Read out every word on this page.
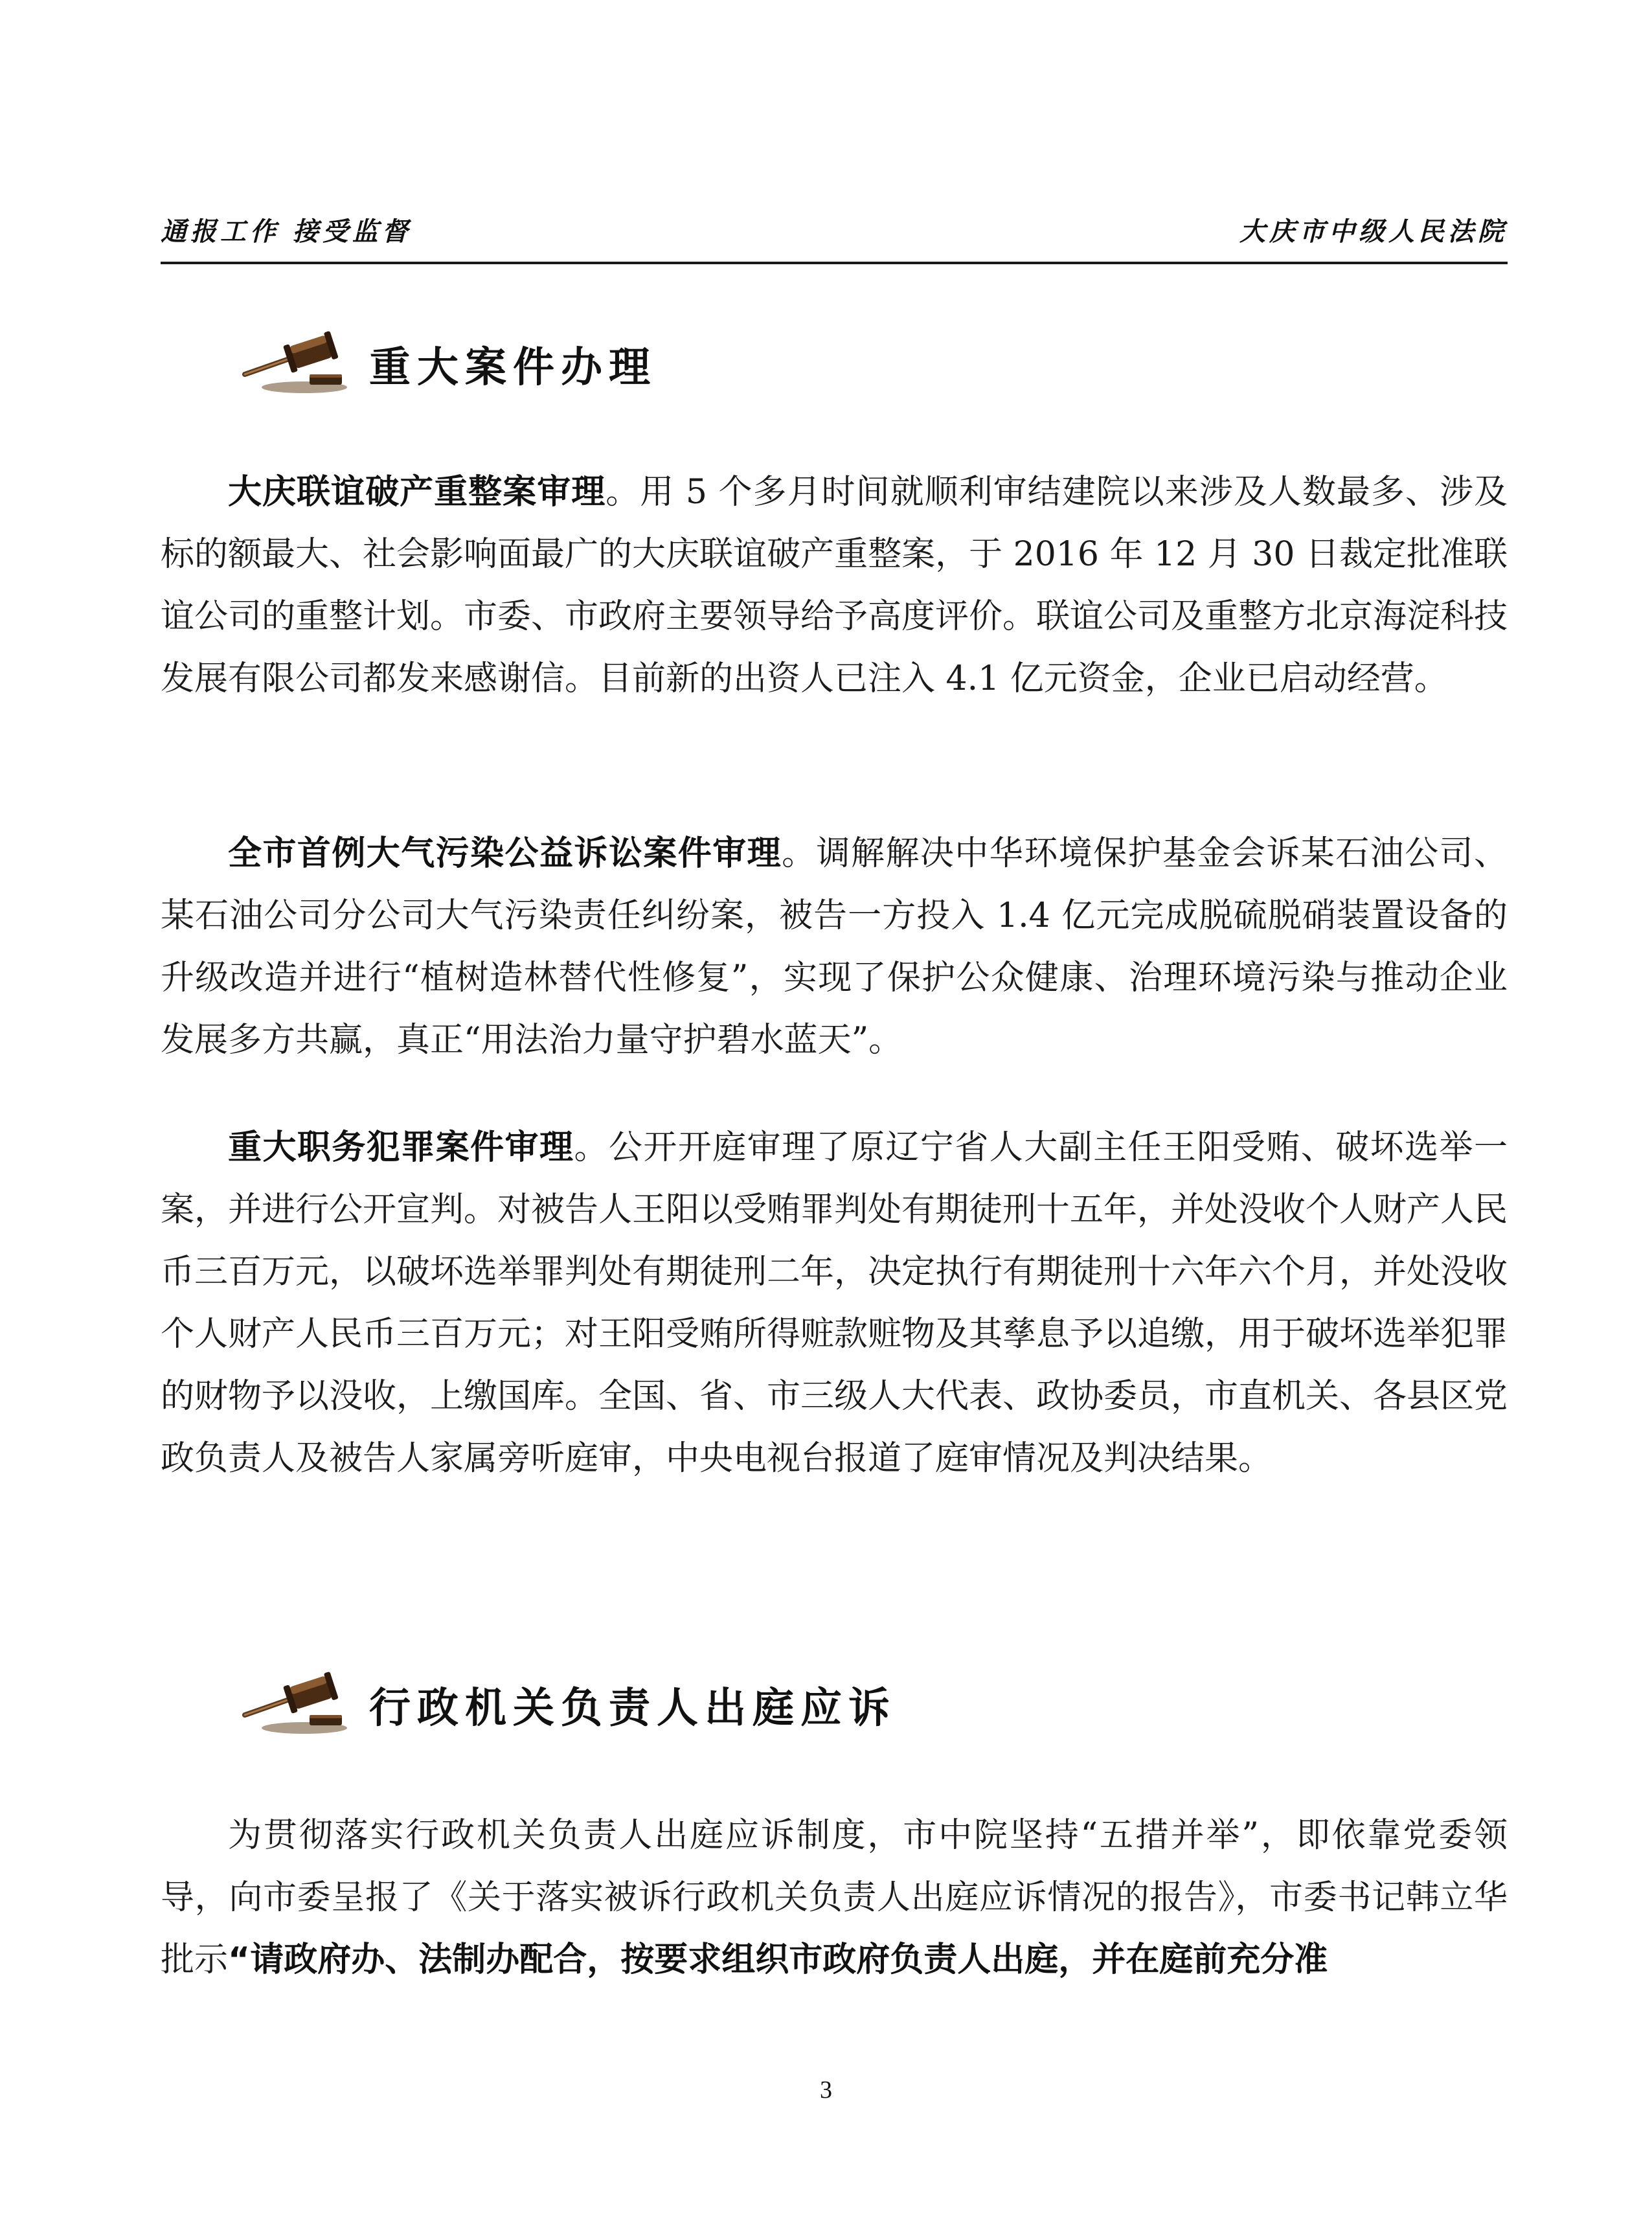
通报工作 接受监督	大庆市中级人民法院
重大案件办理

大庆联谊破产重整案审理。用 5 个多月时间就顺利审结建院以来涉及人数最多、涉及标的额最大、社会影响面最广的大庆联谊破产重整案，于 2016 年 12 月 30 日裁定批准联谊公司的重整计划。市委、市政府主要领导给予高度评价。联谊公司及重整方北京海淀科技发展有限公司都发来感谢信。目前新的出资人已注入 4.1 亿元资金，企业已启动经营。

全市首例大气污染公益诉讼案件审理。调解解决中华环境保护基金会诉某石油公司、某石油公司分公司大气污染责任纠纷案，被告一方投入 1.4 亿元完成脱硫脱硝装置设备的升级改造并进行“植树造林替代性修复”，实现了保护公众健康、治理环境污染与推动企业发展多方共赢，真正“用法治力量守护碧水蓝天”。

重大职务犯罪案件审理。公开开庭审理了原辽宁省人大副主任王阳受贿、破坏选举一案，并进行公开宣判。对被告人王阳以受贿罪判处有期徒刑十五年，并处没收个人财产人民币三百万元，以破坏选举罪判处有期徒刑二年，决定执行有期徒刑十六年六个月，并处没收个人财产人民币三百万元；对王阳受贿所得赃款赃物及其孳息予以追缴，用于破坏选举犯罪的财物予以没收，上缴国库。全国、省、市三级人大代表、政协委员，市直机关、各县区党政负责人及被告人家属旁听庭审，中央电视台报道了庭审情况及判决结果。

行政机关负责人出庭应诉

为贯彻落实行政机关负责人出庭应诉制度，市中院坚持“五措并举”，即依靠党委领导，向市委呈报了《关于落实被诉行政机关负责人出庭应诉情况的报告》，市委书记韩立华批示“请政府办、法制办配合，按要求组织市政府负责人出庭，并在庭前充分准

3
